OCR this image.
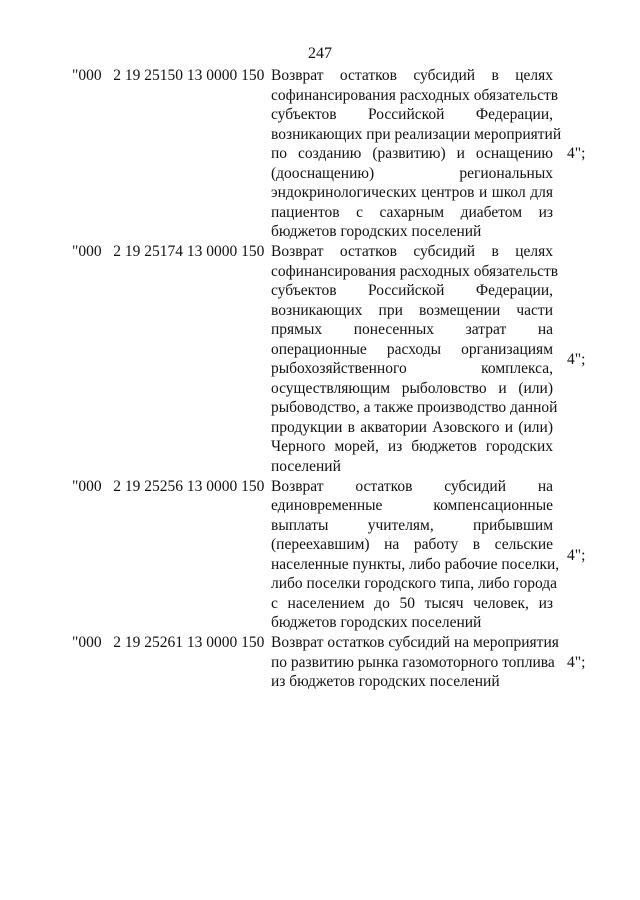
247
"000   2 19 25150 13 0000 150 Возврат остатков субсидий в целях
софинансирования расходных обязательств
субъектов Российской Федерации,
возникающих при реализации мероприятий
по созданию (развитию) и оснащению
(дооснащению) региональных
эндокринологических центров и школ для
пациентов с сахарным диабетом из
бюджетов городских поселений
4";
"000   2 19 25174 13 0000 150 Возврат остатков субсидий в целях
софинансирования расходных обязательств
субъектов Российской Федерации,
возникающих при возмещении части
прямых понесенных затрат на
операционные расходы организациям
рыбохозяйственного комплекса,
осуществляющим рыболовство и (или)
рыбоводство, а также производство данной
продукции в акватории Азовского и (или)
Черного морей, из бюджетов городских
поселений
4";
"000   2 19 25256 13 0000 150 Возврат остатков субсидий на
единовременные компенсационные
выплаты учителям, прибывшим
(переехавшим) на работу в сельские
населенные пункты, либо рабочие поселки,
либо поселки городского типа, либо города
с населением до 50 тысяч человек, из
бюджетов городских поселений
4";
"000   2 19 25261 13 0000 150 Возврат остатков субсидий на мероприятия
по развитию рынка газомоторного топлива
из бюджетов городских поселений
4";
